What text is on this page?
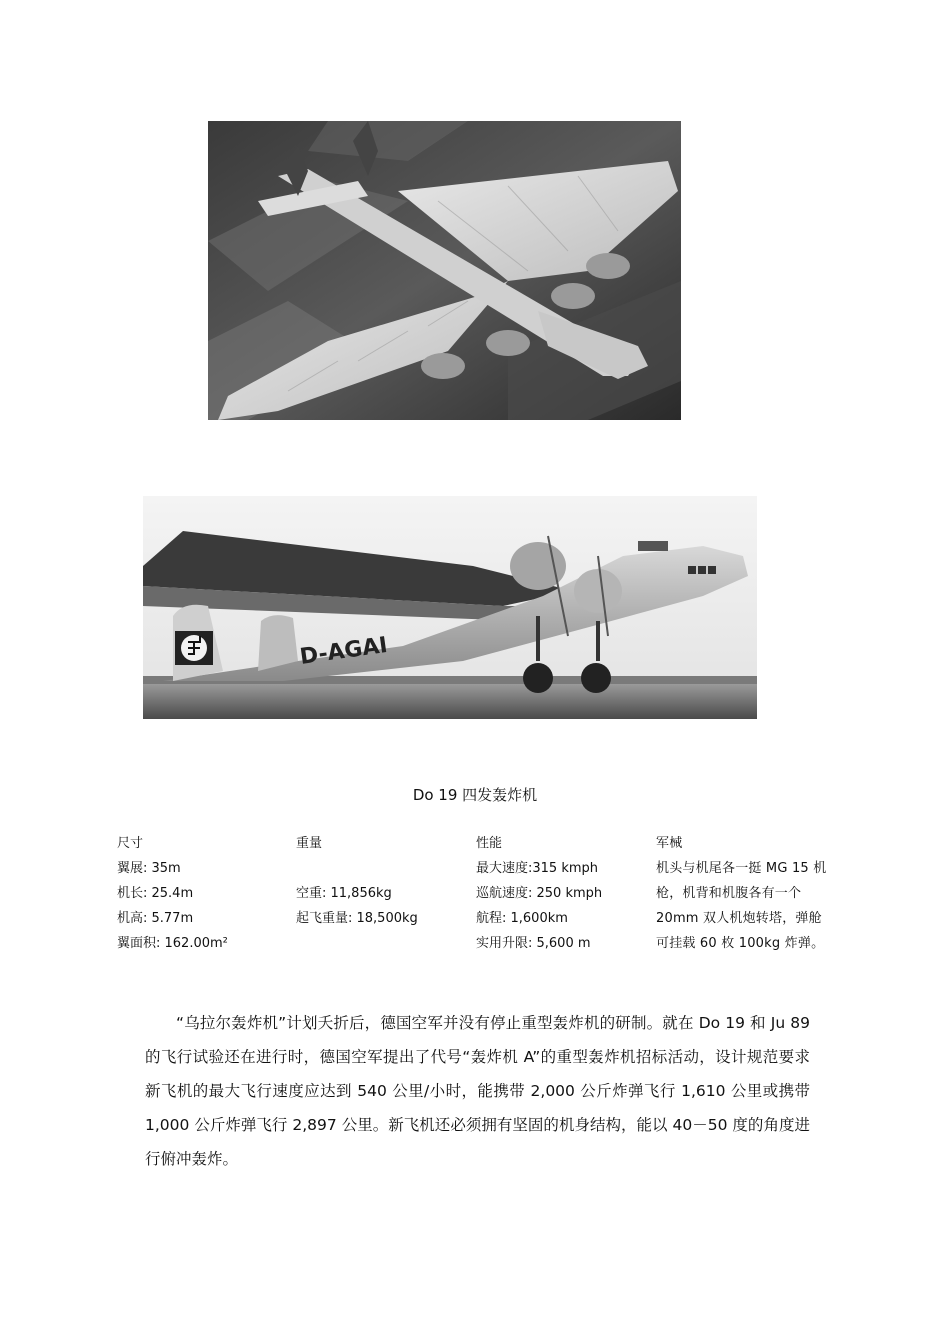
D-AGAI
Do 19 四发轰炸机
尺寸
翼展: 35m
机长: 25.4m
机高: 5.77m
翼面积: 162.00m²
重量
空重: 11,856kg
起飞重量: 18,500kg
性能
最大速度:315 kmph
巡航速度: 250 kmph
航程: 1,600km
实用升限: 5,600 m
军械
机头与机尾各一挺 MG 15 机
枪，机背和机腹各有一个
20mm 双人机炮转塔，弹舱
可挂载 60 枚 100kg 炸弹。
“乌拉尔轰炸机”计划夭折后，德国空军并没有停止重型轰炸机的研制。就在 Do 19 和 Ju 89 的飞行试验还在进行时，德国空军提出了代号“轰炸机 A”的重型轰炸机招标活动，设计规范要求新飞机的最大飞行速度应达到 540 公里/小时，能携带 2,000 公斤炸弹飞行 1,610 公里或携带 1,000 公斤炸弹飞行 2,897 公里。新飞机还必须拥有坚固的机身结构，能以 40－50 度的角度进行俯冲轰炸。
